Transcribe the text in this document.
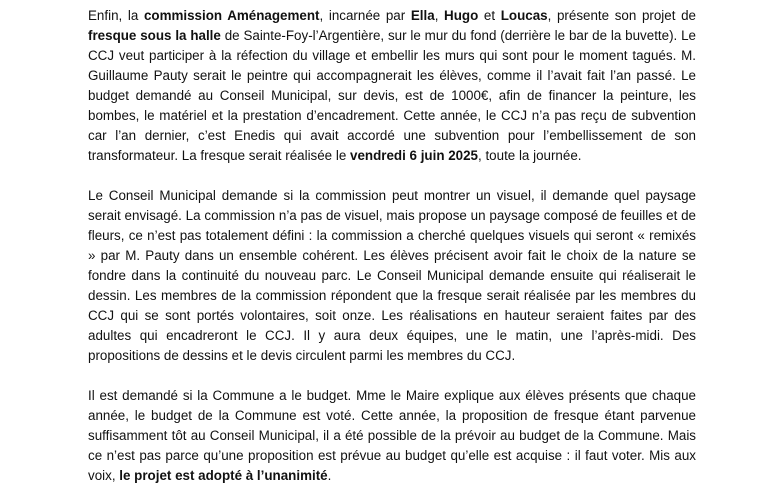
Enfin, la commission Aménagement, incarnée par Ella, Hugo et Loucas, présente son projet de fresque sous la halle de Sainte-Foy-l’Argentière, sur le mur du fond (derrière le bar de la buvette). Le CCJ veut participer à la réfection du village et embellir les murs qui sont pour le moment tagués. M. Guillaume Pauty serait le peintre qui accompagnerait les élèves, comme il l’avait fait l’an passé. Le budget demandé au Conseil Municipal, sur devis, est de 1000€, afin de financer la peinture, les bombes, le matériel et la prestation d’encadrement. Cette année, le CCJ n’a pas reçu de subvention car l’an dernier, c’est Enedis qui avait accordé une subvention pour l’embellissement de son transformateur. La fresque serait réalisée le vendredi 6 juin 2025, toute la journée.

Le Conseil Municipal demande si la commission peut montrer un visuel, il demande quel paysage serait envisagé. La commission n’a pas de visuel, mais propose un paysage composé de feuilles et de fleurs, ce n’est pas totalement défini : la commission a cherché quelques visuels qui seront « remixés » par M. Pauty dans un ensemble cohérent. Les élèves précisent avoir fait le choix de la nature se fondre dans la continuité du nouveau parc. Le Conseil Municipal demande ensuite qui réaliserait le dessin. Les membres de la commission répondent que la fresque serait réalisée par les membres du CCJ qui se sont portés volontaires, soit onze. Les réalisations en hauteur seraient faites par des adultes qui encadreront le CCJ. Il y aura deux équipes, une le matin, une l’après-midi. Des propositions de dessins et le devis circulent parmi les membres du CCJ.

Il est demandé si la Commune a le budget. Mme le Maire explique aux élèves présents que chaque année, le budget de la Commune est voté. Cette année, la proposition de fresque étant parvenue suffisamment tôt au Conseil Municipal, il a été possible de la prévoir au budget de la Commune. Mais ce n’est pas parce qu’une proposition est prévue au budget qu’elle est acquise : il faut voter. Mis aux voix, le projet est adopté à l’unanimité.
